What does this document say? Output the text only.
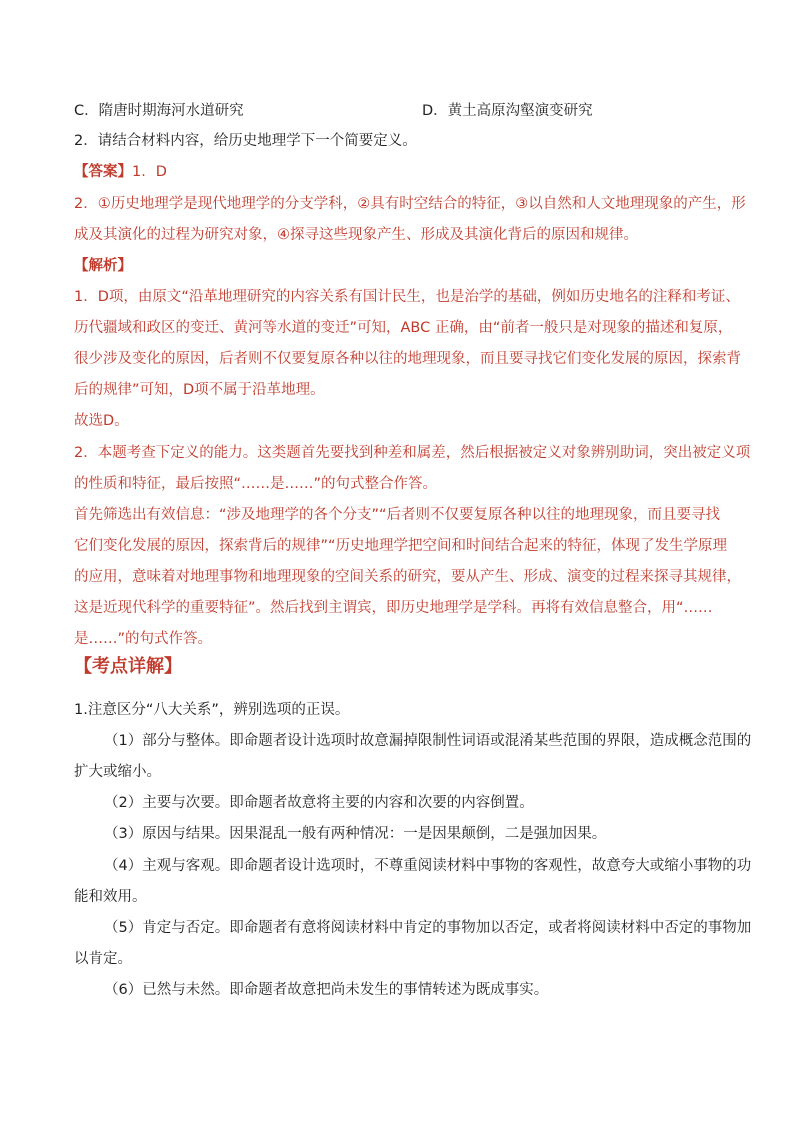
C．隋唐时期海河水道研究	D．黄土高原沟壑演变研究
2．请结合材料内容，给历史地理学下一个简要定义。
【答案】1．D
2．①历史地理学是现代地理学的分支学科，②具有时空结合的特征，③以自然和人文地理现象的产生，形
成及其演化的过程为研究对象，④探寻这些现象产生、形成及其演化背后的原因和规律。
【解析】
1．D项，由原文“沿革地理研究的内容关系有国计民生，也是治学的基础，例如历史地名的注释和考证、
历代疆域和政区的变迁、黄河等水道的变迁”可知，ABC 正确，由“前者一般只是对现象的描述和复原，
很少涉及变化的原因，后者则不仅要复原各种以往的地理现象，而且要寻找它们变化发展的原因，探索背
后的规律”可知，D项不属于沿革地理。
故选D。
2．本题考查下定义的能力。这类题首先要找到种差和属差，然后根据被定义对象辨别助词，突出被定义项
的性质和特征，最后按照“……是……”的句式整合作答。
首先筛选出有效信息：“涉及地理学的各个分支”“后者则不仅要复原各种以往的地理现象，而且要寻找
它们变化发展的原因，探索背后的规律”“历史地理学把空间和时间结合起来的特征，体现了发生学原理
的应用，意味着对地理事物和地理现象的空间关系的研究，要从产生、形成、演变的过程来探寻其规律，
这是近现代科学的重要特征”。然后找到主谓宾，即历史地理学是学科。再将有效信息整合，用“……
是……”的句式作答。
【考点详解】
1.注意区分“八大关系”，辨别选项的正误。
（1）部分与整体。即命题者设计选项时故意漏掉限制性词语或混淆某些范围的界限，造成概念范围的
扩大或缩小。
（2）主要与次要。即命题者故意将主要的内容和次要的内容倒置。
（3）原因与结果。因果混乱一般有两种情况：一是因果颠倒，二是强加因果。
（4）主观与客观。即命题者设计选项时，不尊重阅读材料中事物的客观性，故意夸大或缩小事物的功
能和效用。
（5）肯定与否定。即命题者有意将阅读材料中肯定的事物加以否定，或者将阅读材料中否定的事物加
以肯定。
（6）已然与未然。即命题者故意把尚未发生的事情转述为既成事实。
